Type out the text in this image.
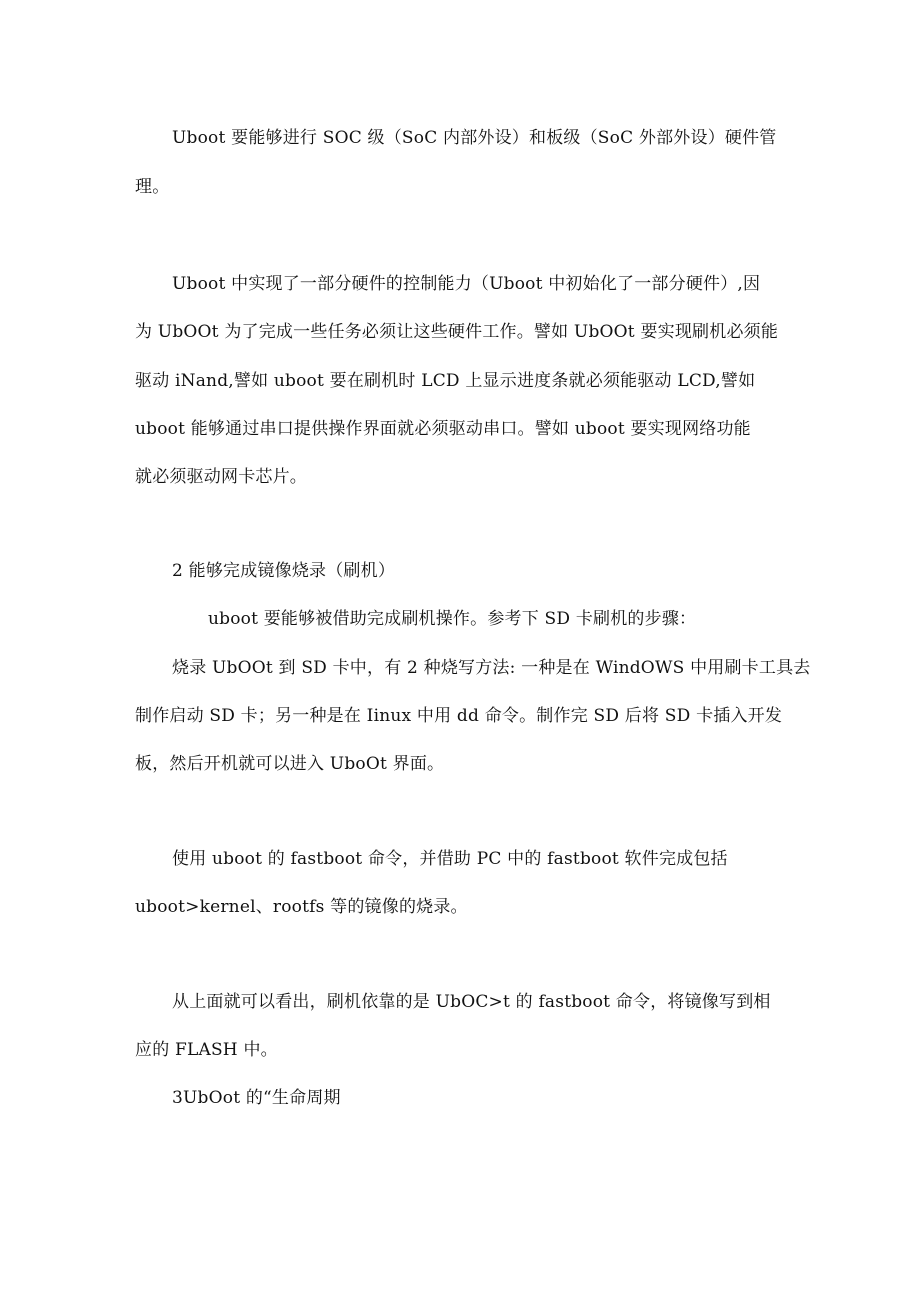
Uboot 要能够进行 SOC 级（SoC 内部外设）和板级（SoC 外部外设）硬件管
理。
Uboot 中实现了一部分硬件的控制能力（Uboot 中初始化了一部分硬件）,因
为 UbOOt 为了完成一些任务必须让这些硬件工作。譬如 UbOOt 要实现刷机必须能
驱动 iNand,譬如 uboot 要在刷机时 LCD 上显示进度条就必须能驱动 LCD,譬如
uboot 能够通过串口提供操作界面就必须驱动串口。譬如 uboot 要实现网络功能
就必须驱动网卡芯片。
2 能够完成镜像烧录（刷机）
uboot 要能够被借助完成刷机操作。参考下 SD 卡刷机的步骤：
烧录 UbOOt 到 SD 卡中，有 2 种烧写方法: 一种是在 WindOWS 中用刷卡工具去
制作启动 SD 卡；另一种是在 Iinux 中用 dd 命令。制作完 SD 后将 SD 卡插入开发
板，然后开机就可以进入 UboOt 界面。
使用 uboot 的 fastboot 命令，并借助 PC 中的 fastboot 软件完成包括
uboot>kernel、rootfs 等的镜像的烧录。
从上面就可以看出，刷机依靠的是 UbOC>t 的 fastboot 命令，将镜像写到相
应的 FLASH 中。
3UbOot 的“生命周期
